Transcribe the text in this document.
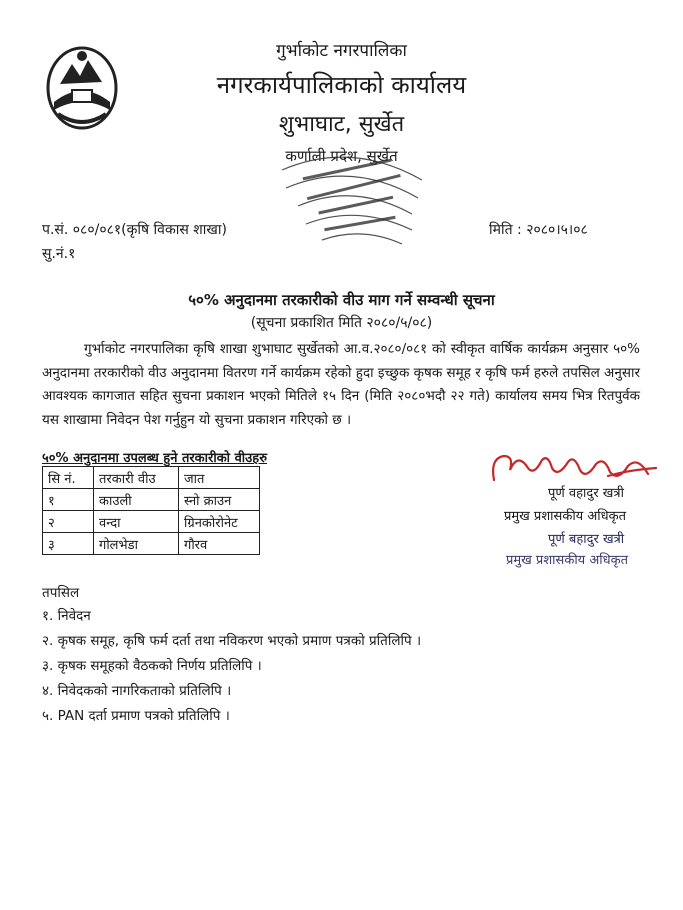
गुर्भाकोट नगरपालिका
नगरकार्यपालिकाको कार्यालय
शुभाघाट, सुर्खेत
कर्णाली प्रदेश, सुर्खेत
प.सं. ०८०/०८१(कृषि विकास शाखा)	मिति : २०८०।५।०८
सु.नं.१
५०% अनुदानमा तरकारीको वीउ माग गर्ने सम्वन्धी सूचना
(सूचना प्रकाशित मिति २०८०/५/०८)

गुर्भाकोट नगरपालिका कृषि शाखा शुभाघाट सुर्खेतको आ.व.२०८०/०८१ को स्वीकृत वार्षिक कार्यक्रम अनुसार ५०% अनुदानमा तरकारीको वीउ अनुदानमा वितरण गर्ने कार्यक्रम रहेको हुदा इच्छुक कृषक समूह र कृषि फर्म हरुले तपसिल अनुसार आवश्यक कागजात सहित सुचना प्रकाशन भएको मितिले १५ दिन (मिति २०८०भदौ २२ गते) कार्यालय समय भित्र रितपुर्वक यस शाखामा निवेदन पेश गर्नुहुन यो सुचना प्रकाशन गरिएको छ ।

५०% अनुदानमा उपलब्ध हुने तरकारीको वीउहरु
सि नं.	तरकारी वीउ	जात
१	काउली	स्नो क्राउन
२	वन्दा	ग्रिनकोरोनेट
३	गोलभेडा	गौरव
पूर्ण वहादुर खत्री
प्रमुख प्रशासकीय अधिकृत
पूर्ण बहादुर खत्री
प्रमुख प्रशासकीय अधिकृत
तपसिल
१. निवेदन
२. कृषक समूह, कृषि फर्म दर्ता तथा नविकरण भएको प्रमाण पत्रको प्रतिलिपि ।
३. कृषक समूहको वैठकको निर्णय प्रतिलिपि ।
४. निवेदकको नागरिकताको प्रतिलिपि ।
५. PAN दर्ता प्रमाण पत्रको प्रतिलिपि ।
